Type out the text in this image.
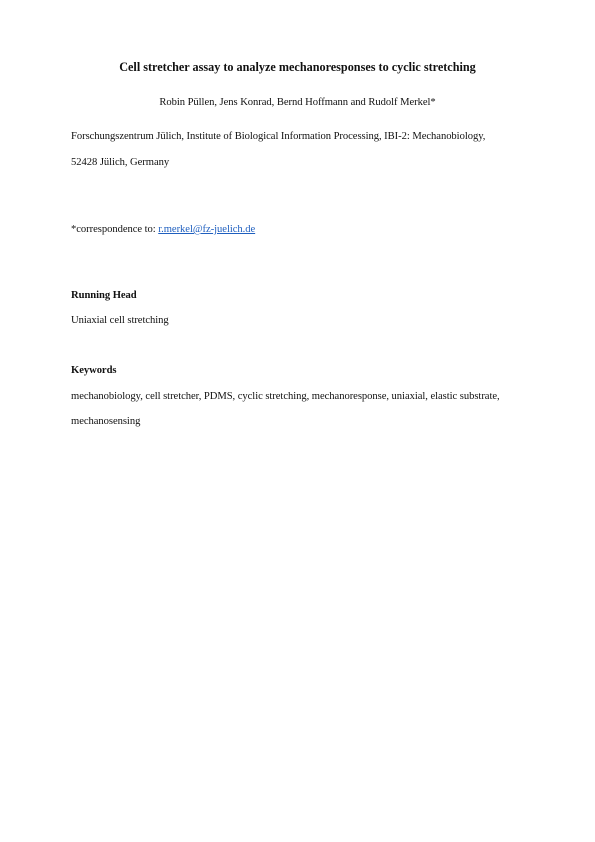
Cell stretcher assay to analyze mechanoresponses to cyclic stretching
Robin Püllen, Jens Konrad, Bernd Hoffmann and Rudolf Merkel*
Forschungszentrum Jülich, Institute of Biological Information Processing, IBI-2: Mechanobiology,
52428 Jülich, Germany
*correspondence to: r.merkel@fz-juelich.de
Running Head
Uniaxial cell stretching
Keywords
mechanobiology, cell stretcher, PDMS, cyclic stretching, mechanoresponse, uniaxial, elastic substrate,
mechanosensing
